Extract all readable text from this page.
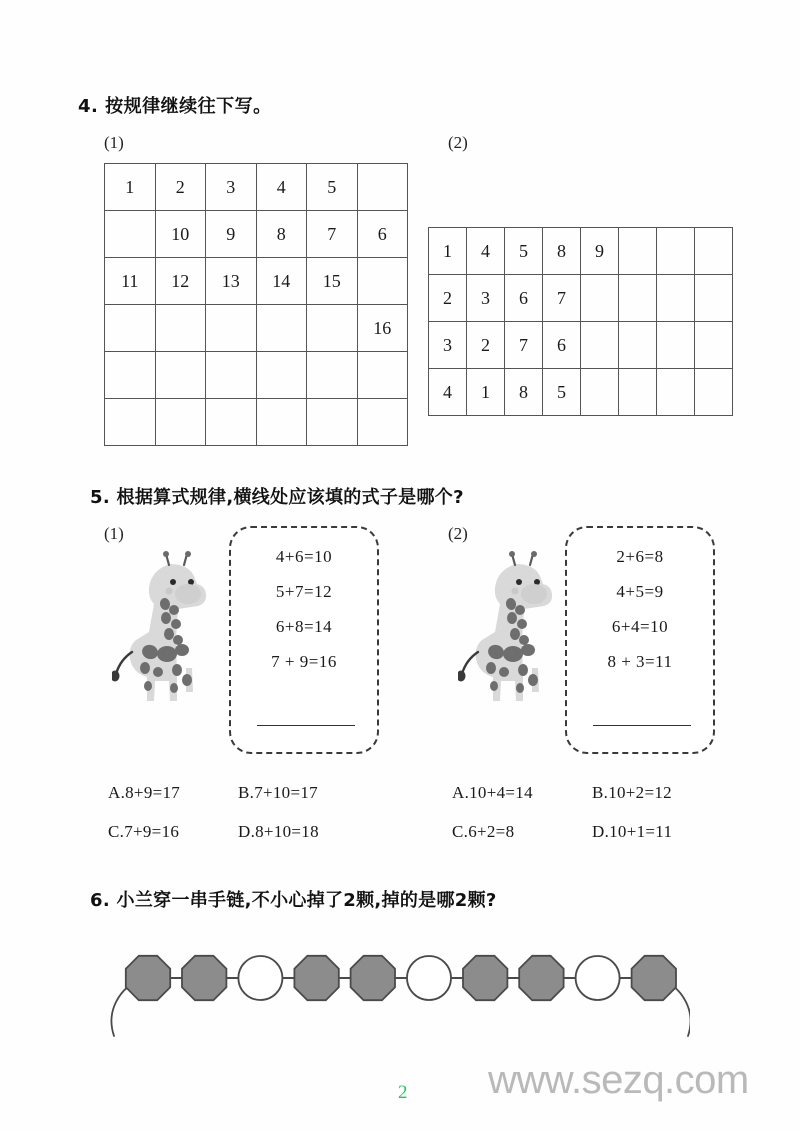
4. 按规律继续往下写。
(1)	(2)
1	2	3	4	5	
	10	9	8	7	6
11	12	13	14	15	
					16

1	4	5	8	9			
2	3	6	7				
3	2	7	6				
4	1	8	5				
5. 根据算式规律,横线处应该填的式子是哪个?
(1)	(2)
4+6=10
5+7=12
6+8=14
7 + 9=16
2+6=8
4+5=9
6+4=10
8 + 3=11
A.8+9=17	B.7+10=17
C.7+9=16	D.8+10=18
A.10+4=14	B.10+2=12
C.6+2=8	D.10+1=11
6. 小兰穿一串手链,不小心掉了2颗,掉的是哪2颗?
2 www.sezq.com
